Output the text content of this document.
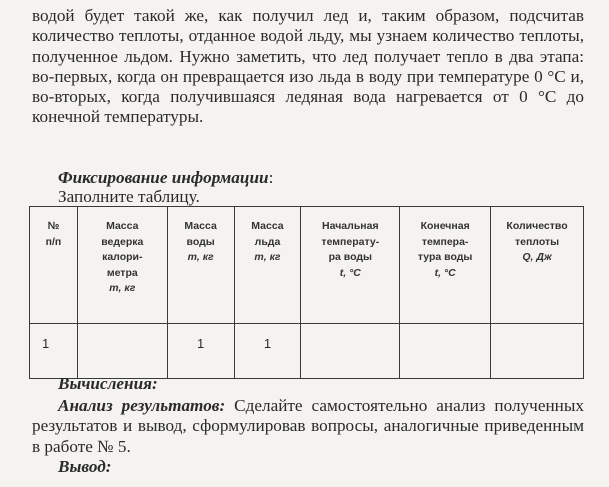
водой будет такой же, как получил лед и, таким образом, подсчитав количество теплоты, отданное водой льду, мы узнаем количество теплоты, полученное льдом. Нужно заметить, что лед получает тепло в два этапа: во-первых, когда он превращается изо льда в воду при температуре 0 °C и, во-вторых, когда получившаяся ледяная вода нагревается от 0 °C до конечной температуры.

Фиксирование информации:

Заполните таблицу.

№
п/п	Масса
ведерка
калори-
метра
m, кг	Масса
воды
m, кг	Масса
льда
m, кг	Начальная
температу-
ра воды
t, °C	Конечная
темпера-
тура воды
t, °C	Количество
теплоты
Q, Дж
1		1	1			

Вычисления:

Анализ результатов: Сделайте самостоятельно анализ полученных результатов и вывод, сформулировав вопросы, аналогичные приведенным в работе № 5.

Вывод:
